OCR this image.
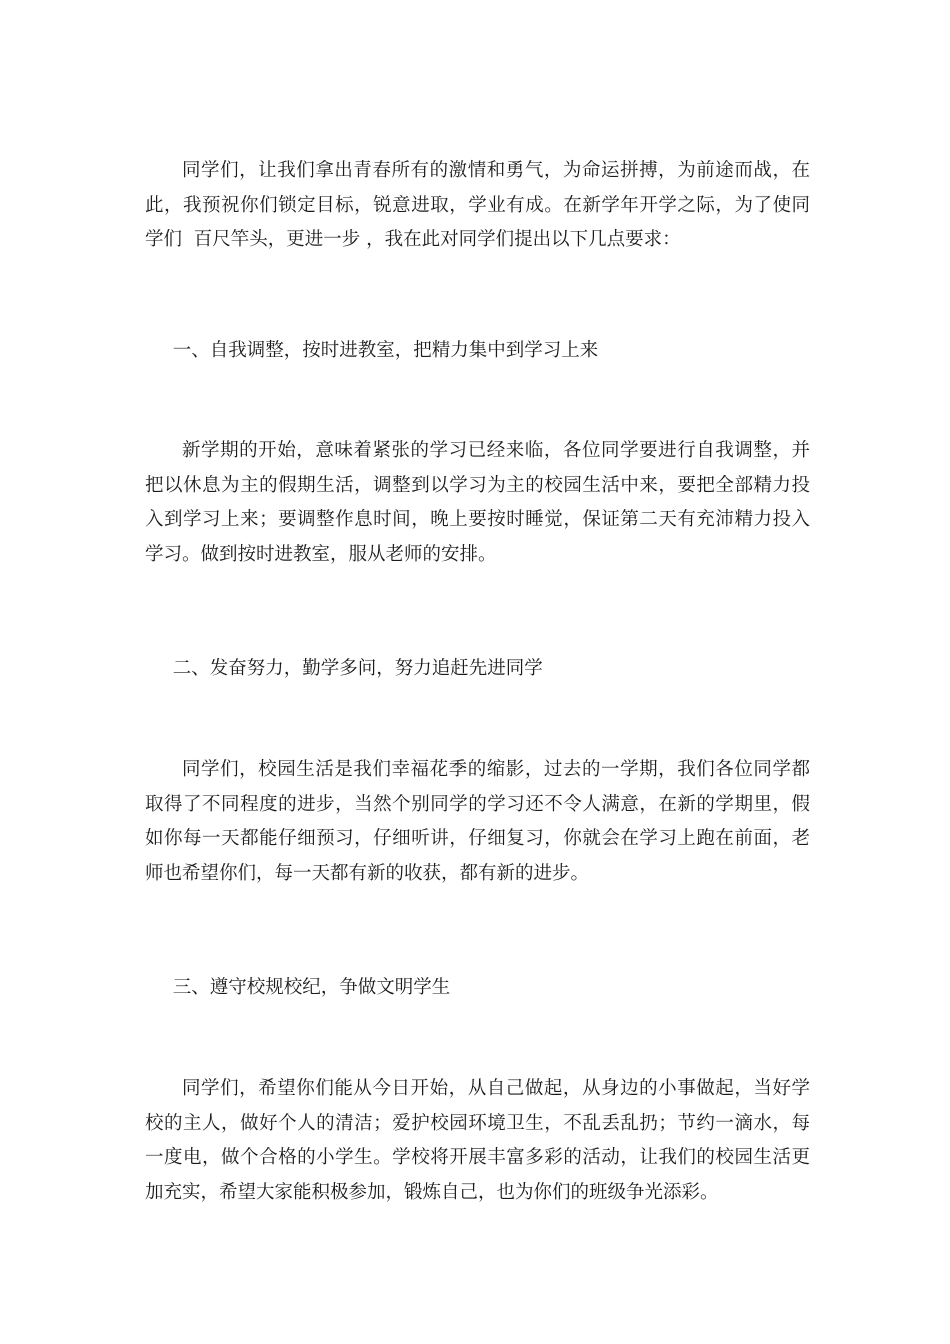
同学们，让我们拿出青春所有的激情和勇气，为命运拼搏，为前途而战，在此，我预祝你们锁定目标，锐意进取，学业有成。在新学年开学之际，为了使同学们  百尺竿头，更进一步 ，我在此对同学们提出以下几点要求：

一、自我调整，按时进教室，把精力集中到学习上来

新学期的开始，意味着紧张的学习已经来临，各位同学要进行自我调整，并把以休息为主的假期生活，调整到以学习为主的校园生活中来，要把全部精力投入到学习上来；要调整作息时间，晚上要按时睡觉，保证第二天有充沛精力投入学习。做到按时进教室，服从老师的安排。

二、发奋努力，勤学多问，努力追赶先进同学

同学们，校园生活是我们幸福花季的缩影，过去的一学期，我们各位同学都取得了不同程度的进步，当然个别同学的学习还不令人满意，在新的学期里，假如你每一天都能仔细预习，仔细听讲，仔细复习，你就会在学习上跑在前面，老师也希望你们，每一天都有新的收获，都有新的进步。

三、遵守校规校纪，争做文明学生

同学们，希望你们能从今日开始，从自己做起，从身边的小事做起，当好学校的主人，做好个人的清洁；爱护校园环境卫生，不乱丢乱扔；节约一滴水，每一度电，做个合格的小学生。学校将开展丰富多彩的活动，让我们的校园生活更加充实，希望大家能积极参加，锻炼自己，也为你们的班级争光添彩。
